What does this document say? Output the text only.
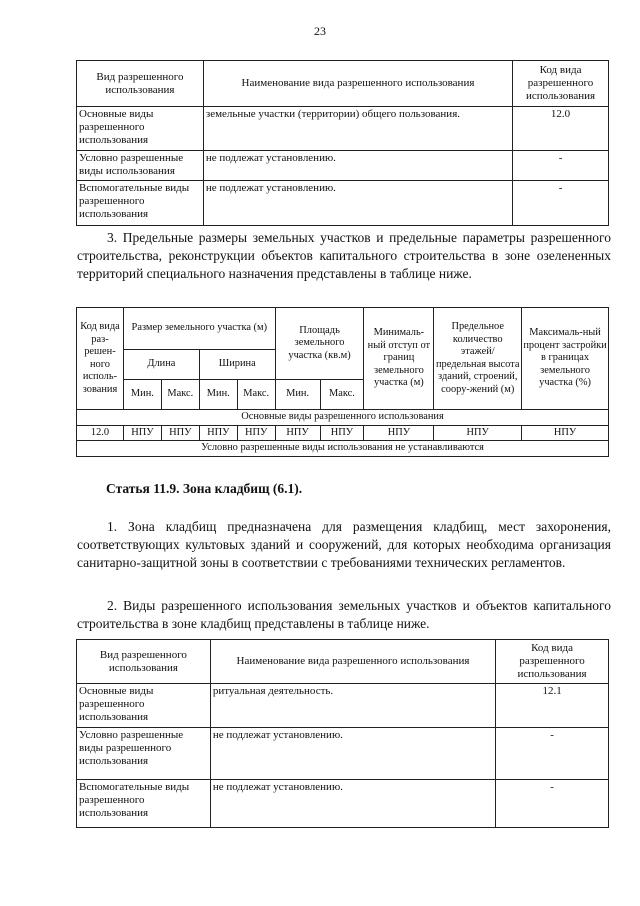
23
Вид разрешенного использования	Наименование вида разрешенного использования	Код вида разрешенного использования
Основные виды разрешенного использования	земельные участки (территории) общего пользования.	12.0
Условно разрешенные виды использования	не подлежат установлению.	-
Вспомогательные виды разрешенного использования	не подлежат установлению.	-

3. Предельные размеры земельных участков и предельные параметры разрешенного строительства, реконструкции объектов капитального строительства в зоне озелененных территорий специального назначения представлены в таблице ниже.

Код вида раз-решен-ного исполь-зования	Размер земельного участка (м)				Площадь земельного участка (кв.м)		Минималь-ный отступ от границ земельного участка (м)	Предельное количество этажей/ предельная высота зданий, строений, соору-жений (м)	Максималь-ный процент застройки в границах земельного участка (%)
	Длина		Ширина						
	Мин.	Макс.	Мин.	Макс.	Мин.	Макс.			
Основные виды разрешенного использования									
12.0	НПУ	НПУ	НПУ	НПУ	НПУ	НПУ	НПУ	НПУ	НПУ
Условно разрешенные виды использования не устанавливаются									

Статья 11.9. Зона кладбищ (6.1).

1. Зона кладбищ предназначена для размещения кладбищ, мест захоронения, соответствующих культовых зданий и сооружений, для которых необходима организация санитарно-защитной зоны в соответствии с требованиями технических регламентов.

2. Виды разрешенного использования земельных участков и объектов капитального строительства в зоне кладбищ представлены в таблице ниже.

Вид разрешенного использования	Наименование вида разрешенного использования	Код вида разрешенного использования
Основные виды разрешенного использования	ритуальная деятельность.	12.1
Условно разрешенные виды разрешенного использования	не подлежат установлению.	-
Вспомогательные виды разрешенного использования	не подлежат установлению.	-
